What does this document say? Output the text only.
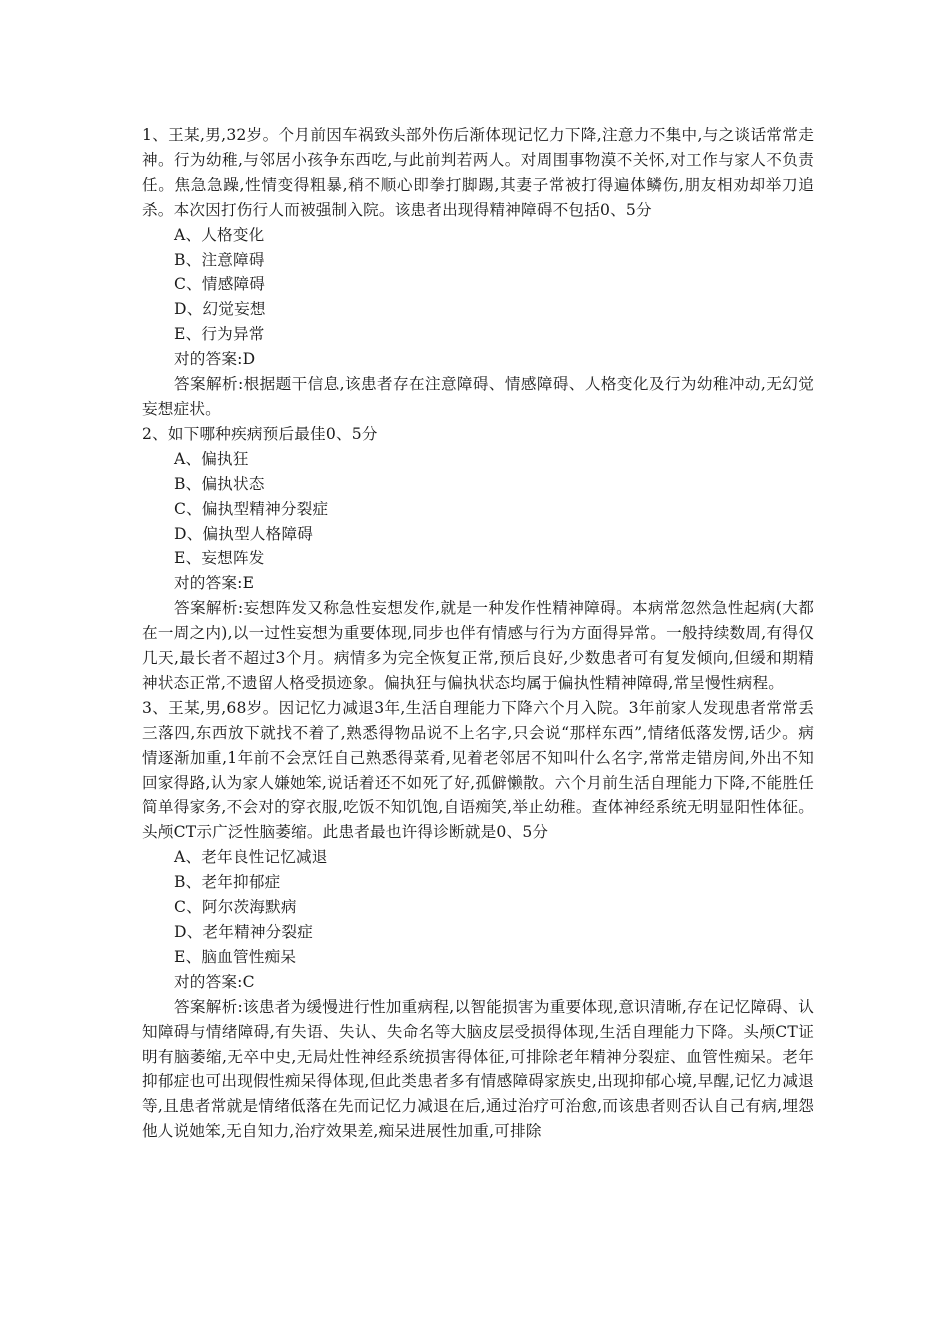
1、王某,男,32岁。个月前因车祸致头部外伤后渐体现记忆力下降,注意力不集中,与之谈话常常走神。行为幼稚,与邻居小孩争东西吃,与此前判若两人。对周围事物漠不关怀,对工作与家人不负责任。焦急急躁,性情变得粗暴,稍不顺心即拳打脚踢,其妻子常被打得遍体鳞伤,朋友相劝却举刀追杀。本次因打伤行人而被强制入院。该患者出现得精神障碍不包括0、5分

A、人格变化

B、注意障碍

C、情感障碍

D、幻觉妄想

E、行为异常

对的答案:D

答案解析:根据题干信息,该患者存在注意障碍、情感障碍、人格变化及行为幼稚冲动,无幻觉妄想症状。

2、如下哪种疾病预后最佳0、5分

A、偏执狂

B、偏执状态

C、偏执型精神分裂症

D、偏执型人格障碍

E、妄想阵发

对的答案:E

答案解析:妄想阵发又称急性妄想发作,就是一种发作性精神障碍。本病常忽然急性起病(大都在一周之内),以一过性妄想为重要体现,同步也伴有情感与行为方面得异常。一般持续数周,有得仅几天,最长者不超过3个月。病情多为完全恢复正常,预后良好,少数患者可有复发倾向,但缓和期精神状态正常,不遗留人格受损迹象。偏执狂与偏执状态均属于偏执性精神障碍,常呈慢性病程。

3、王某,男,68岁。因记忆力减退3年,生活自理能力下降六个月入院。3年前家人发现患者常常丢三落四,东西放下就找不着了,熟悉得物品说不上名字,只会说“那样东西”,情绪低落发愣,话少。病情逐渐加重,1年前不会烹饪自己熟悉得菜肴,见着老邻居不知叫什么名字,常常走错房间,外出不知回家得路,认为家人嫌她笨,说话着还不如死了好,孤僻懒散。六个月前生活自理能力下降,不能胜任简单得家务,不会对的穿衣服,吃饭不知饥饱,自语痴笑,举止幼稚。查体神经系统无明显阳性体征。头颅CT示广泛性脑萎缩。此患者最也许得诊断就是0、5分

A、老年良性记忆减退

B、老年抑郁症

C、阿尔茨海默病

D、老年精神分裂症

E、脑血管性痴呆

对的答案:C

答案解析:该患者为缓慢进行性加重病程,以智能损害为重要体现,意识清晰,存在记忆障碍、认知障碍与情绪障碍,有失语、失认、失命名等大脑皮层受损得体现,生活自理能力下降。头颅CT证明有脑萎缩,无卒中史,无局灶性神经系统损害得体征,可排除老年精神分裂症、血管性痴呆。老年抑郁症也可出现假性痴呆得体现,但此类患者多有情感障碍家族史,出现抑郁心境,早醒,记忆力减退等,且患者常就是情绪低落在先而记忆力减退在后,通过治疗可治愈,而该患者则否认自己有病,埋怨他人说她笨,无自知力,治疗效果差,痴呆进展性加重,可排除
